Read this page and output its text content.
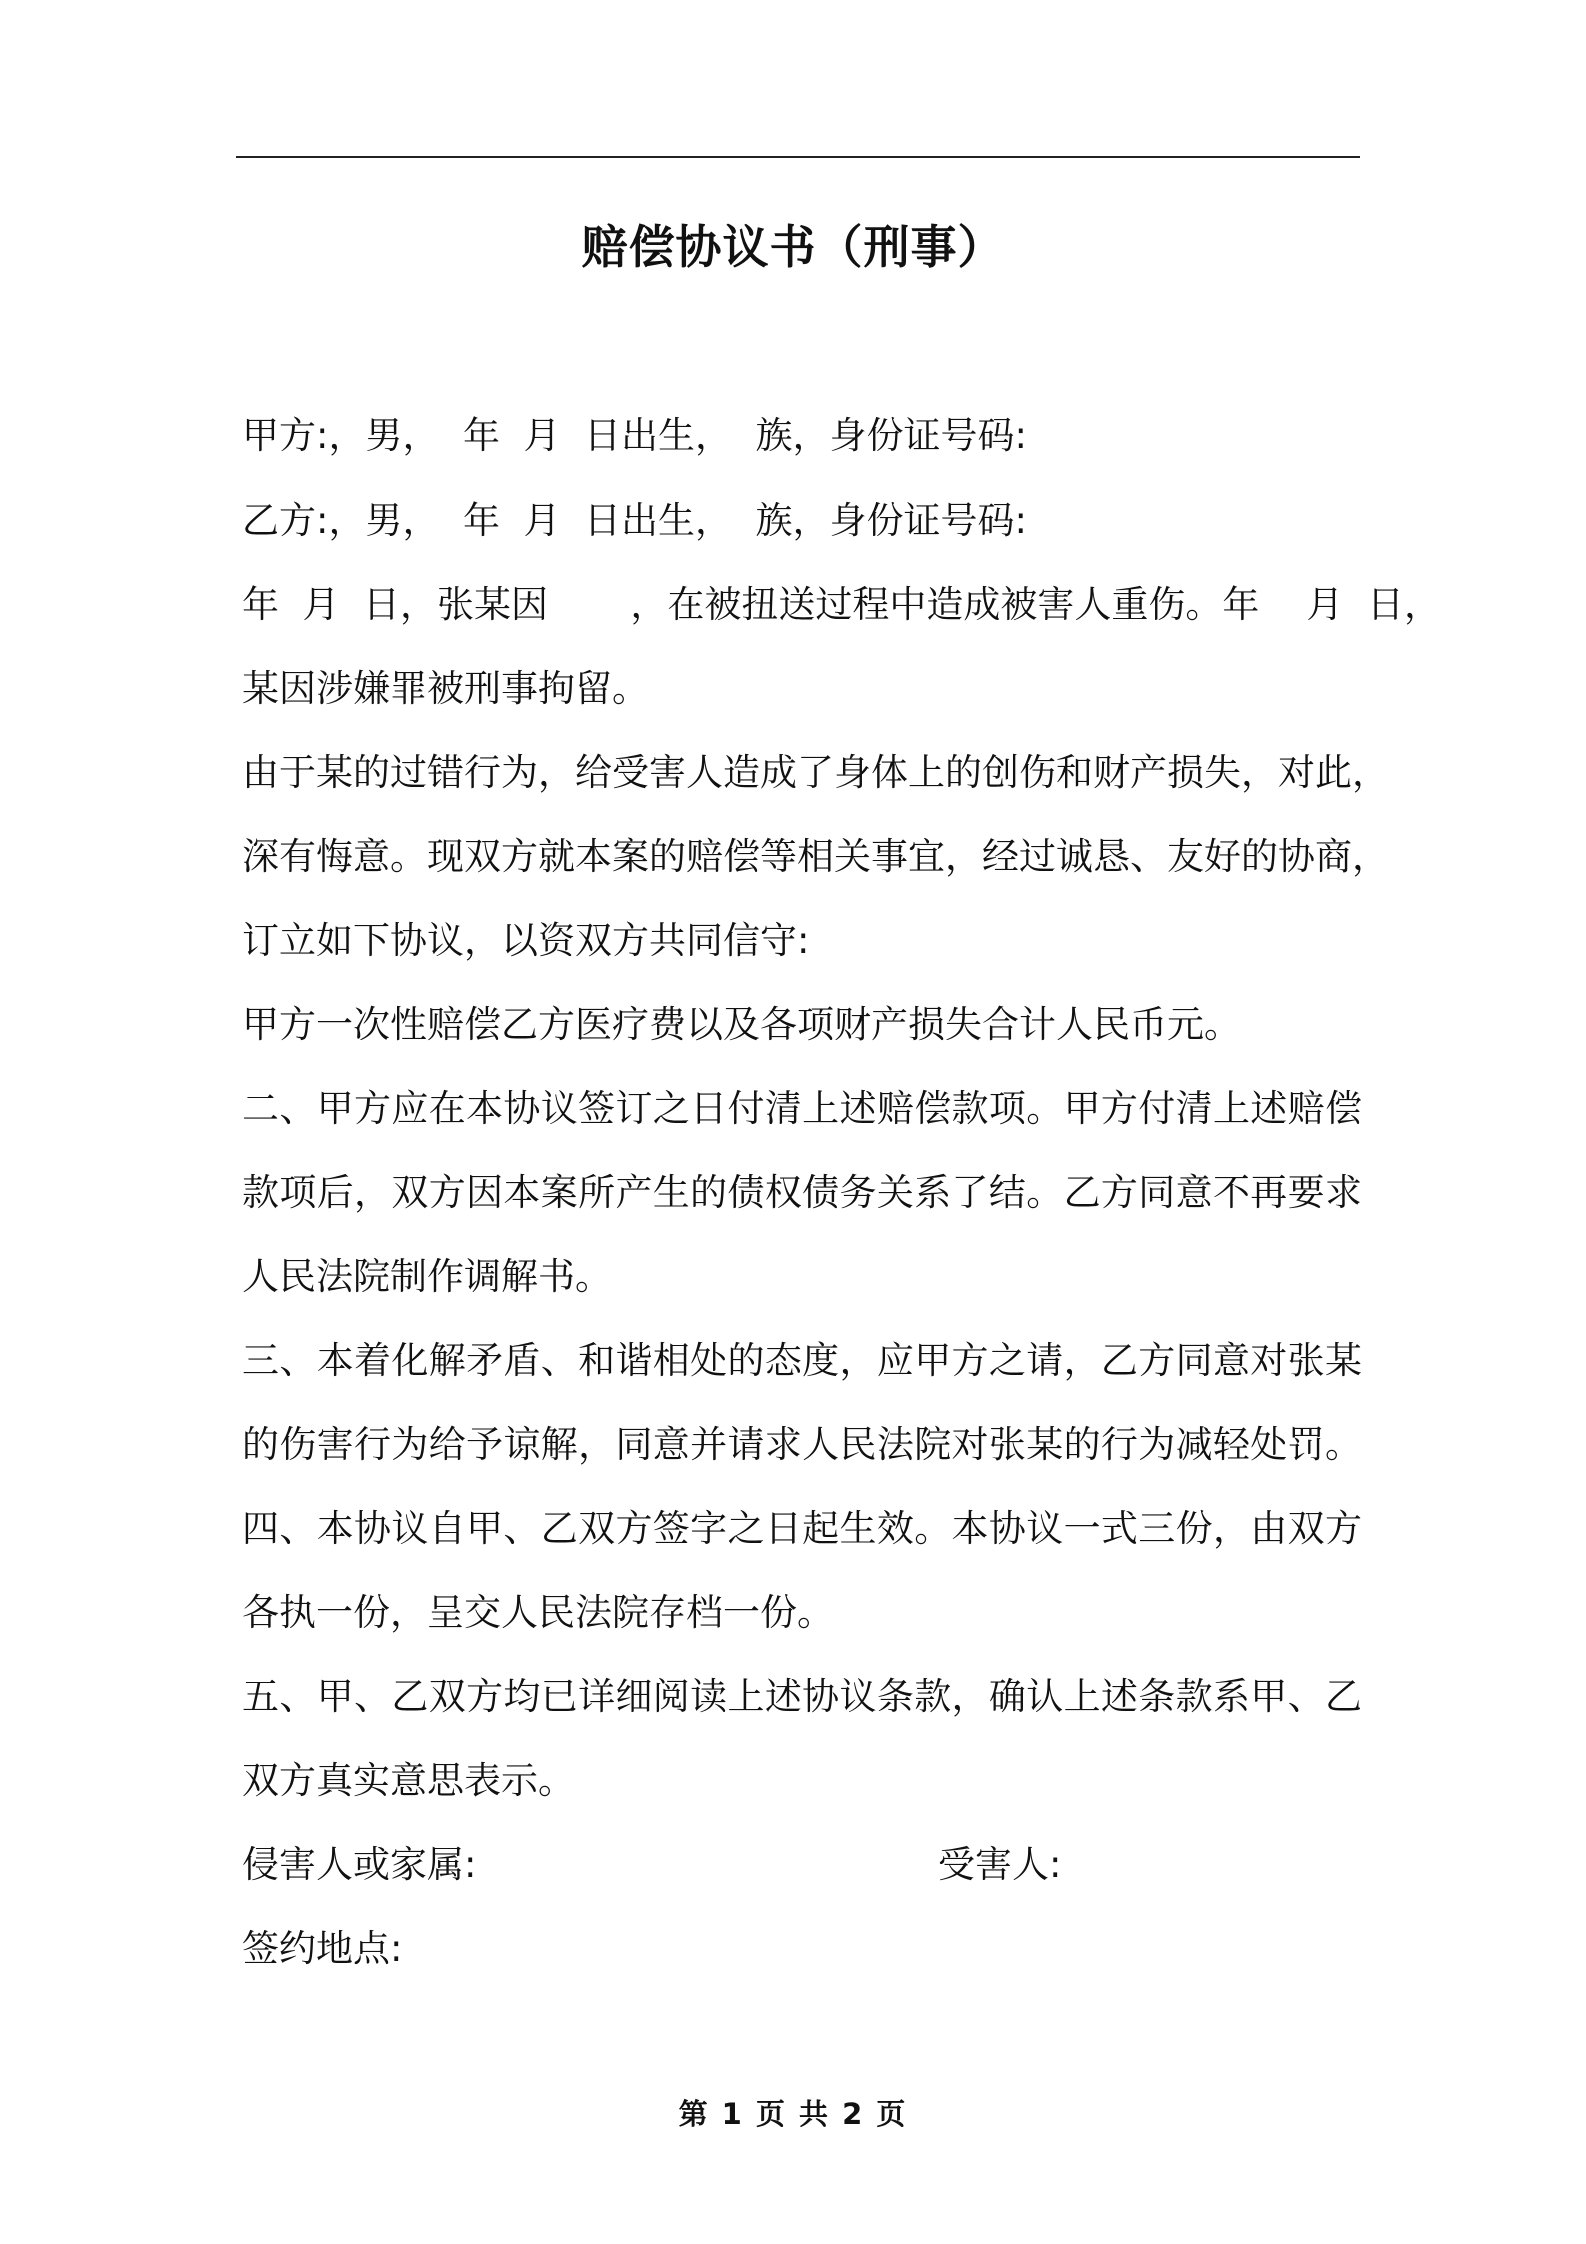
赔偿协议书（刑事）
甲方:，男，  年  月  日出生，  族，身份证号码:
乙方:，男，  年  月  日出生，  族，身份证号码:
年  月  日，张某因       ，在被扭送过程中造成被害人重伤。年    月  日，
某因涉嫌罪被刑事拘留。
由于某的过错行为，给受害人造成了身体上的创伤和财产损失，对此，
深有悔意。现双方就本案的赔偿等相关事宜，经过诚恳、友好的协商，
订立如下协议，以资双方共同信守:
甲方一次性赔偿乙方医疗费以及各项财产损失合计人民币元。
二、甲方应在本协议签订之日付清上述赔偿款项。甲方付清上述赔偿
款项后，双方因本案所产生的债权债务关系了结。乙方同意不再要求
人民法院制作调解书。
三、本着化解矛盾、和谐相处的态度，应甲方之请，乙方同意对张某
的伤害行为给予谅解，同意并请求人民法院对张某的行为减轻处罚。
四、本协议自甲、乙双方签字之日起生效。本协议一式三份，由双方
各执一份，呈交人民法院存档一份。
五、甲、乙双方均已详细阅读上述协议条款，确认上述条款系甲、乙
双方真实意思表示。
侵害人或家属:	受害人:
签约地点:
第 1 页 共 2 页
